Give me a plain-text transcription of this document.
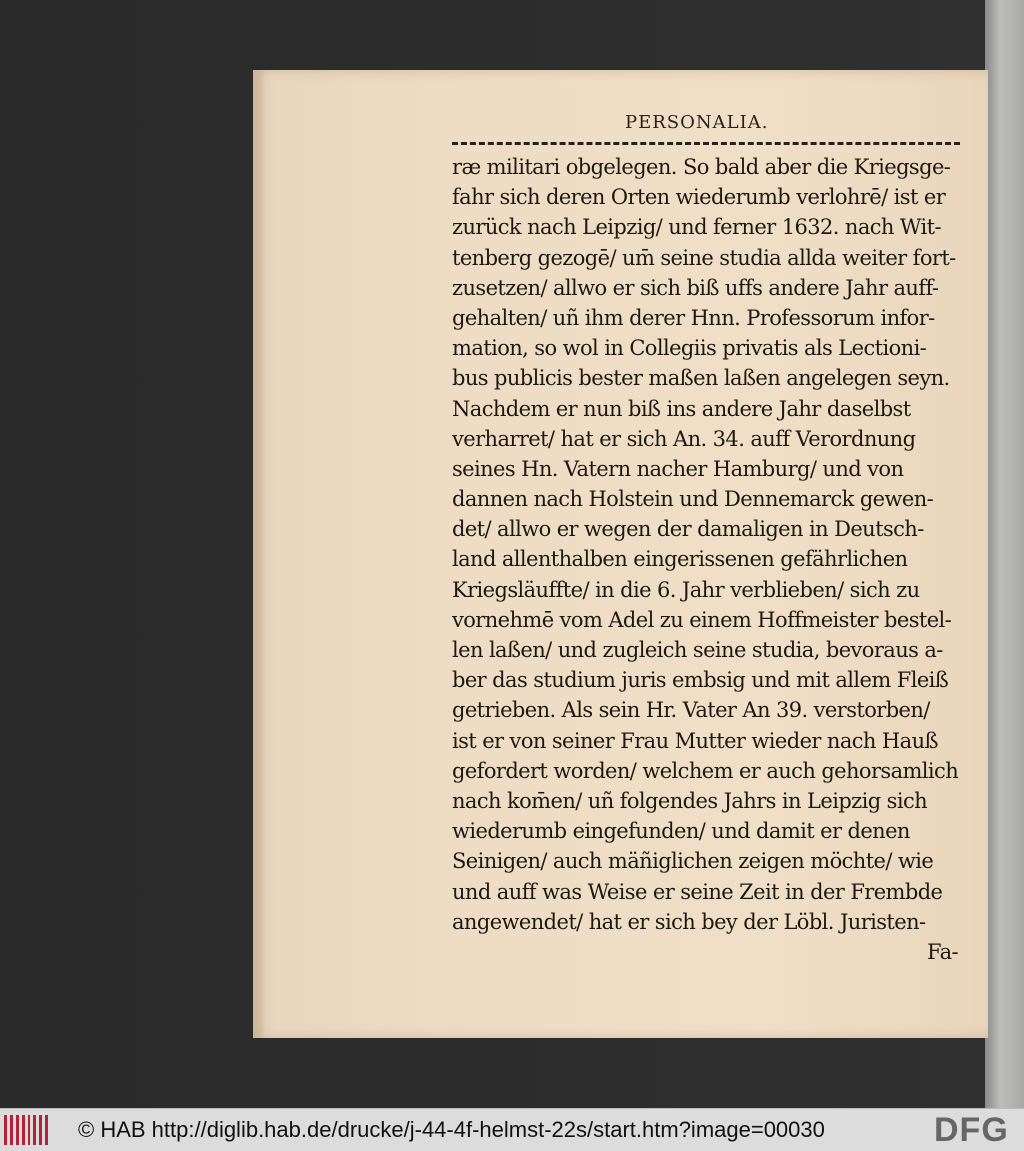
PERSONALIA.
ræ militari obgelegen. So bald aber die Kriegsge-
fahr sich deren Orten wiederumb verlohrē/ ist er
zurück nach Leipzig/ und ferner 1632. nach Wit-
tenberg gezogē/ um̄ seine studia allda weiter fort-
zusetzen/ allwo er sich biß uffs andere Jahr auff-
gehalten/ uñ ihm derer Hnn. Professorum infor-
mation, so wol in Collegiis privatis als Lectioni-
bus publicis bester maßen laßen angelegen seyn.
Nachdem er nun biß ins andere Jahr daselbst
verharret/ hat er sich An. 34. auff Verordnung
seines Hn. Vatern nacher Hamburg/ und von
dannen nach Holstein und Dennemarck gewen-
det/ allwo er wegen der damaligen in Deutsch-
land allenthalben eingerissenen gefährlichen
Kriegsläuffte/ in die 6. Jahr verblieben/ sich zu
vornehmē vom Adel zu einem Hoffmeister bestel-
len laßen/ und zugleich seine studia, bevoraus a-
ber das studium juris embsig und mit allem Fleiß
getrieben. Als sein Hr. Vater An 39. verstorben/
ist er von seiner Frau Mutter wieder nach Hauß
gefordert worden/ welchem er auch gehorsamlich
nach kom̄en/ uñ folgendes Jahrs in Leipzig sich
wiederumb eingefunden/ und damit er denen
Seinigen/ auch mäñiglichen zeigen möchte/ wie
und auff was Weise er seine Zeit in der Frembde
angewendet/ hat er sich bey der Löbl. Juristen-
Fa-
© HAB http://diglib.hab.de/drucke/j-44-4f-helmst-22s/start.htm?image=00030	DFG
